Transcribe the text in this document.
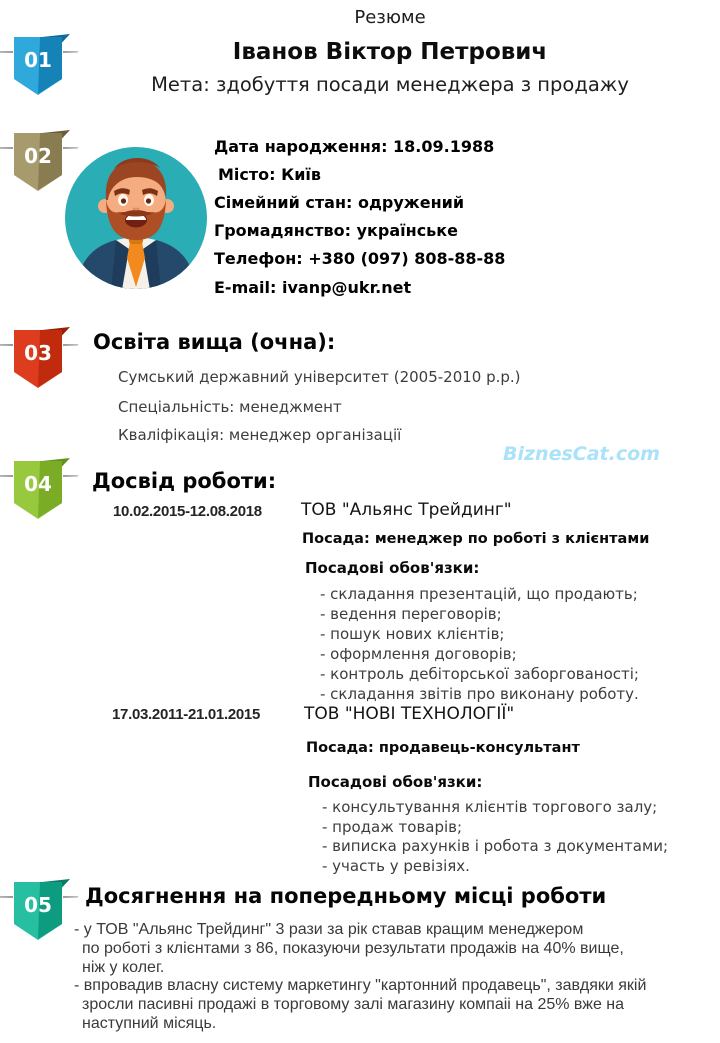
Резюме
Іванов Віктор Петрович
Мета: здобуття посади менеджера з продажу
01
02	Дата народження: 18.09.1988
Місто: Київ
Сімейний стан: одружений
Громадянство: українське
Телефон: +380 (097) 808-88-88
E-mail: ivanp@ukr.net
03 Освіта вища (очна):
Сумський державний університет (2005-2010 р.р.)
Спеціальність: менеджмент
Кваліфікація: менеджер організації
BiznesCat.com
04 Досвід роботи:
10.02.2015-12.08.2018 ТОВ "Альянс Трейдинг"
Посада: менеджер по роботі з клієнтами
Посадові обов'язки:
- складання презентацій, що продають;
- ведення переговорів;
- пошук нових клієнтів;
- оформлення договорів;
- контроль дебіторської заборгованості;
- складання звітів про виконану роботу.
17.03.2011-21.01.2015	ТОВ "НОВІ ТЕХНОЛОГІЇ"
Посада: продавець-консультант
Посадові обов'язки:
- консультування клієнтів торгового залу;
- продаж товарів;
- виписка рахунків і робота з документами;
- участь у ревізіях.
05 Досягнення на попередньому місці роботи
- у ТОВ "Альянс Трейдинг" 3 рази за рік ставав кращим менеджером
по роботі з клієнтами з 86, показуючи результати продажів на 40% вище,
ніж у колег.
- впровадив власну систему маркетингу "картонний продавець", завдяки якій
зросли пасивні продажі в торговому залі магазину компаіі на 25% вже на
наступний місяць.
